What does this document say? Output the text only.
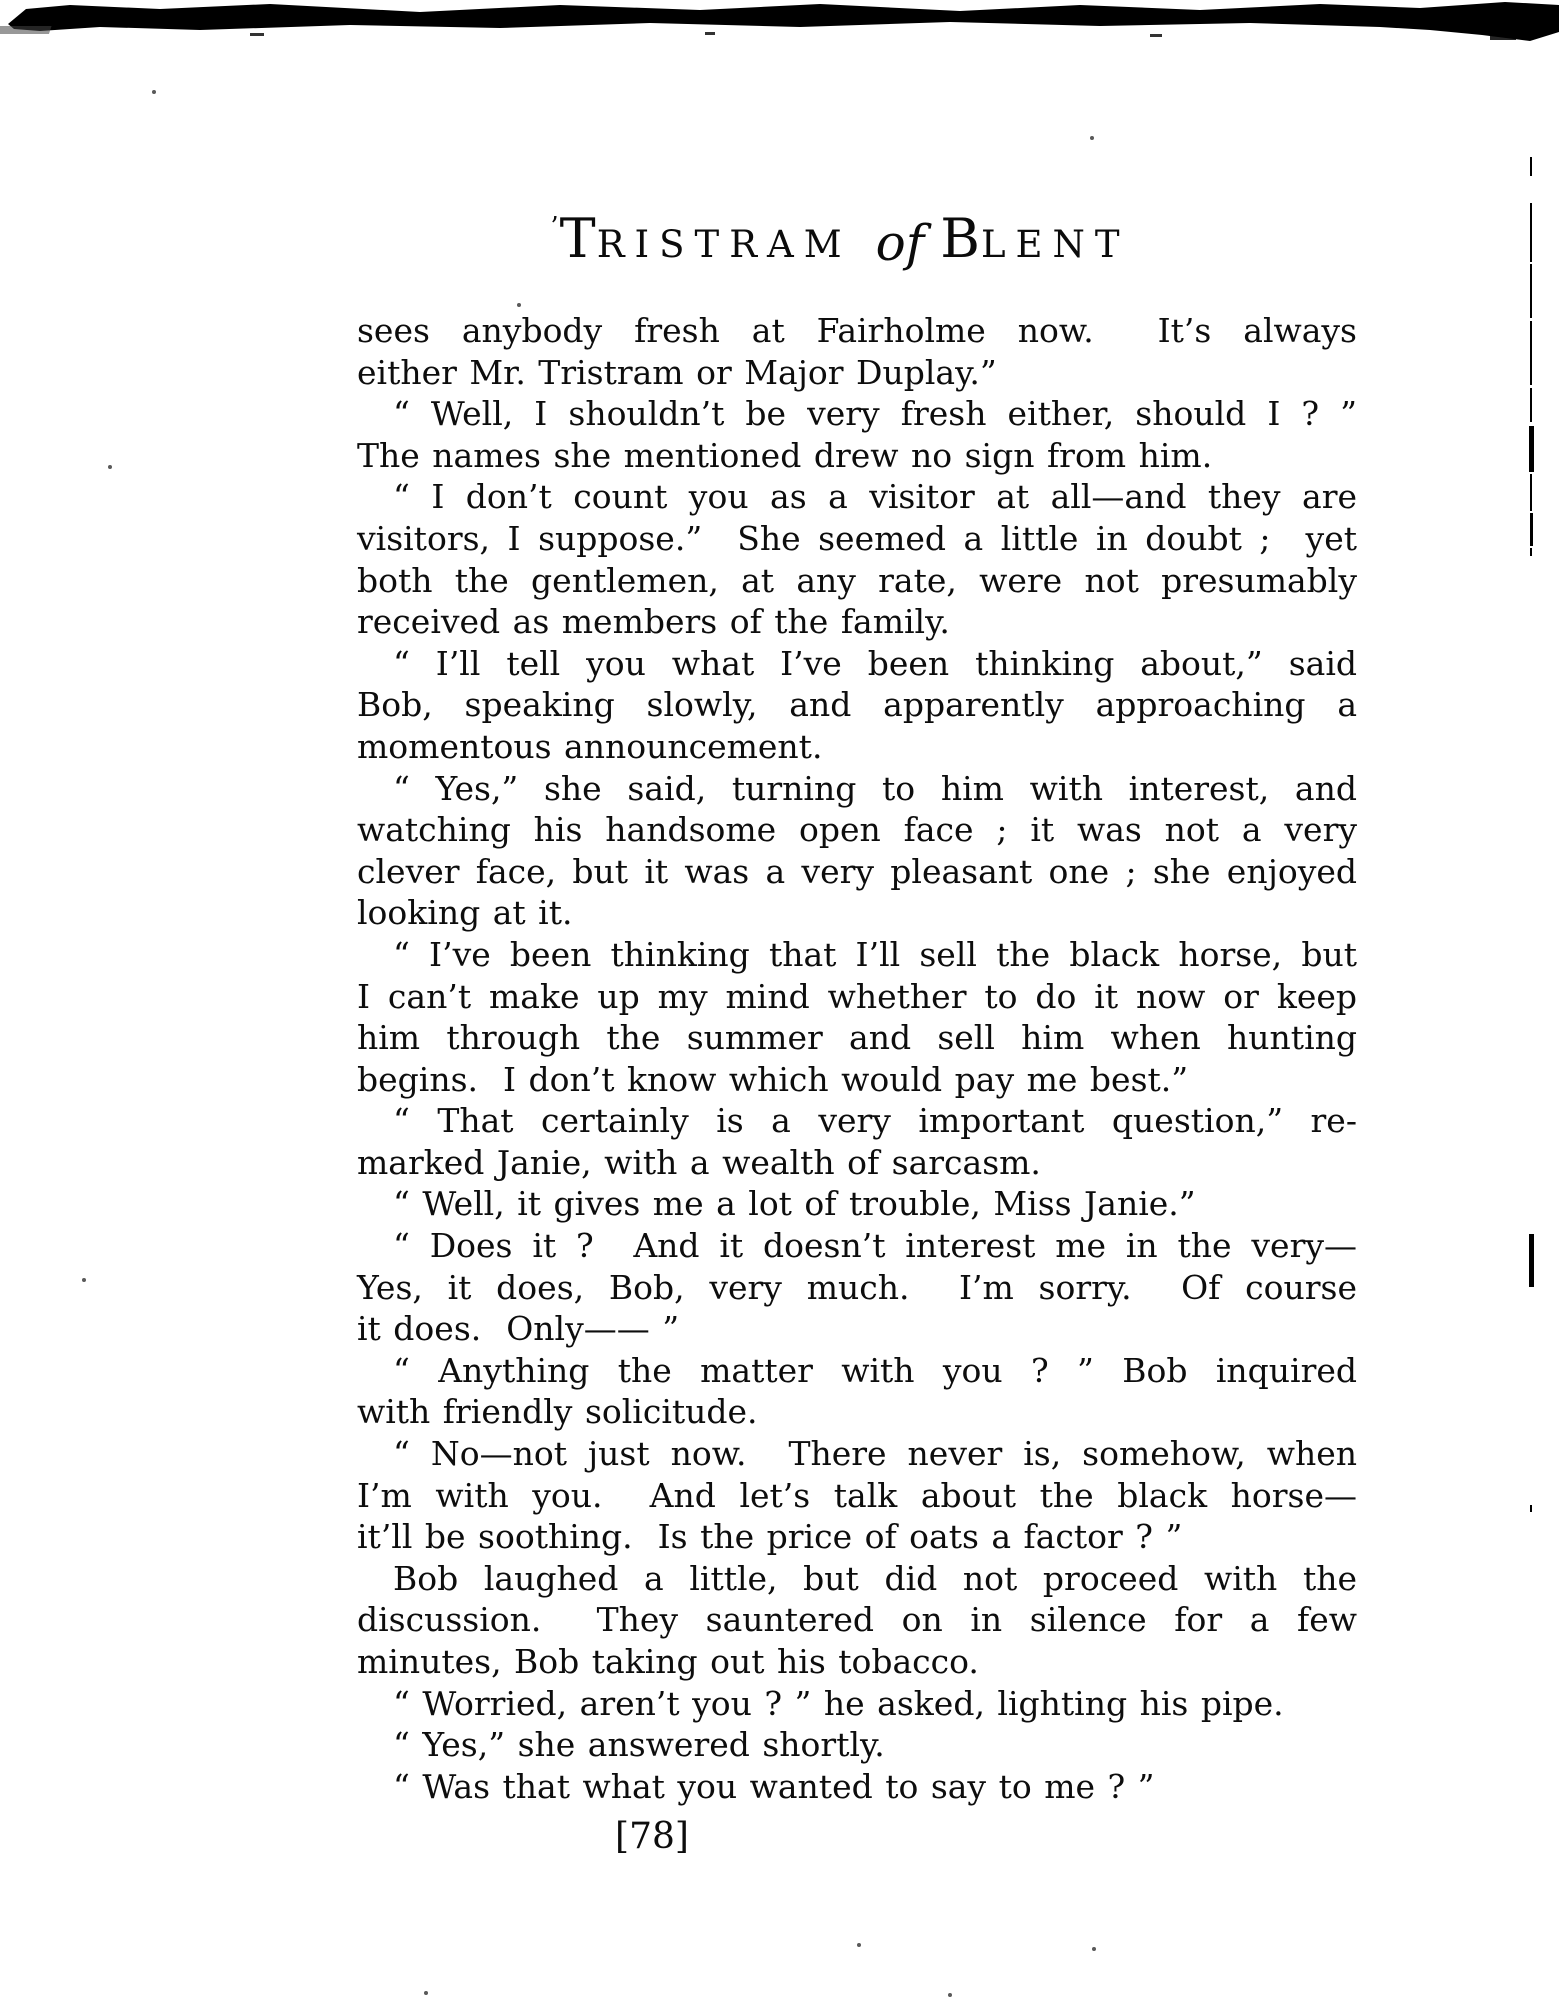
’TRISTRAM of BLENT
sees anybody fresh at Fairholme now.  It’s always
either Mr. Tristram or Major Duplay.”
“ Well, I shouldn’t be very fresh either, should I ? ”
The names she mentioned drew no sign from him.
“ I don’t count you as a visitor at all—and they are
visitors, I suppose.”  She seemed a little in doubt ;  yet
both the gentlemen, at any rate, were not presumably
received as members of the family.
“ I’ll tell you what I’ve been thinking about,” said
Bob, speaking slowly, and apparently approaching a
momentous announcement.
“ Yes,” she said, turning to him with interest, and
watching his handsome open face ; it was not a very
clever face, but it was a very pleasant one ; she enjoyed
looking at it.
“ I’ve been thinking that I’ll sell the black horse, but
I can’t make up my mind whether to do it now or keep
him through the summer and sell him when hunting
begins.  I don’t know which would pay me best.”
“ That certainly is a very important question,” re-
marked Janie, with a wealth of sarcasm.
“ Well, it gives me a lot of trouble, Miss Janie.”
“ Does it ?  And it doesn’t interest me in the very—
Yes, it does, Bob, very much.  I’m sorry.  Of course
it does.  Only—— ”
“ Anything the matter with you ? ” Bob inquired
with friendly solicitude.
“ No—not just now.  There never is, somehow, when
I’m with you.  And let’s talk about the black horse—
it’ll be soothing.  Is the price of oats a factor ? ”
Bob laughed a little, but did not proceed with the
discussion.  They sauntered on in silence for a few
minutes, Bob taking out his tobacco.
“ Worried, aren’t you ? ” he asked, lighting his pipe.
“ Yes,” she answered shortly.
“ Was that what you wanted to say to me ? ”
[78]
